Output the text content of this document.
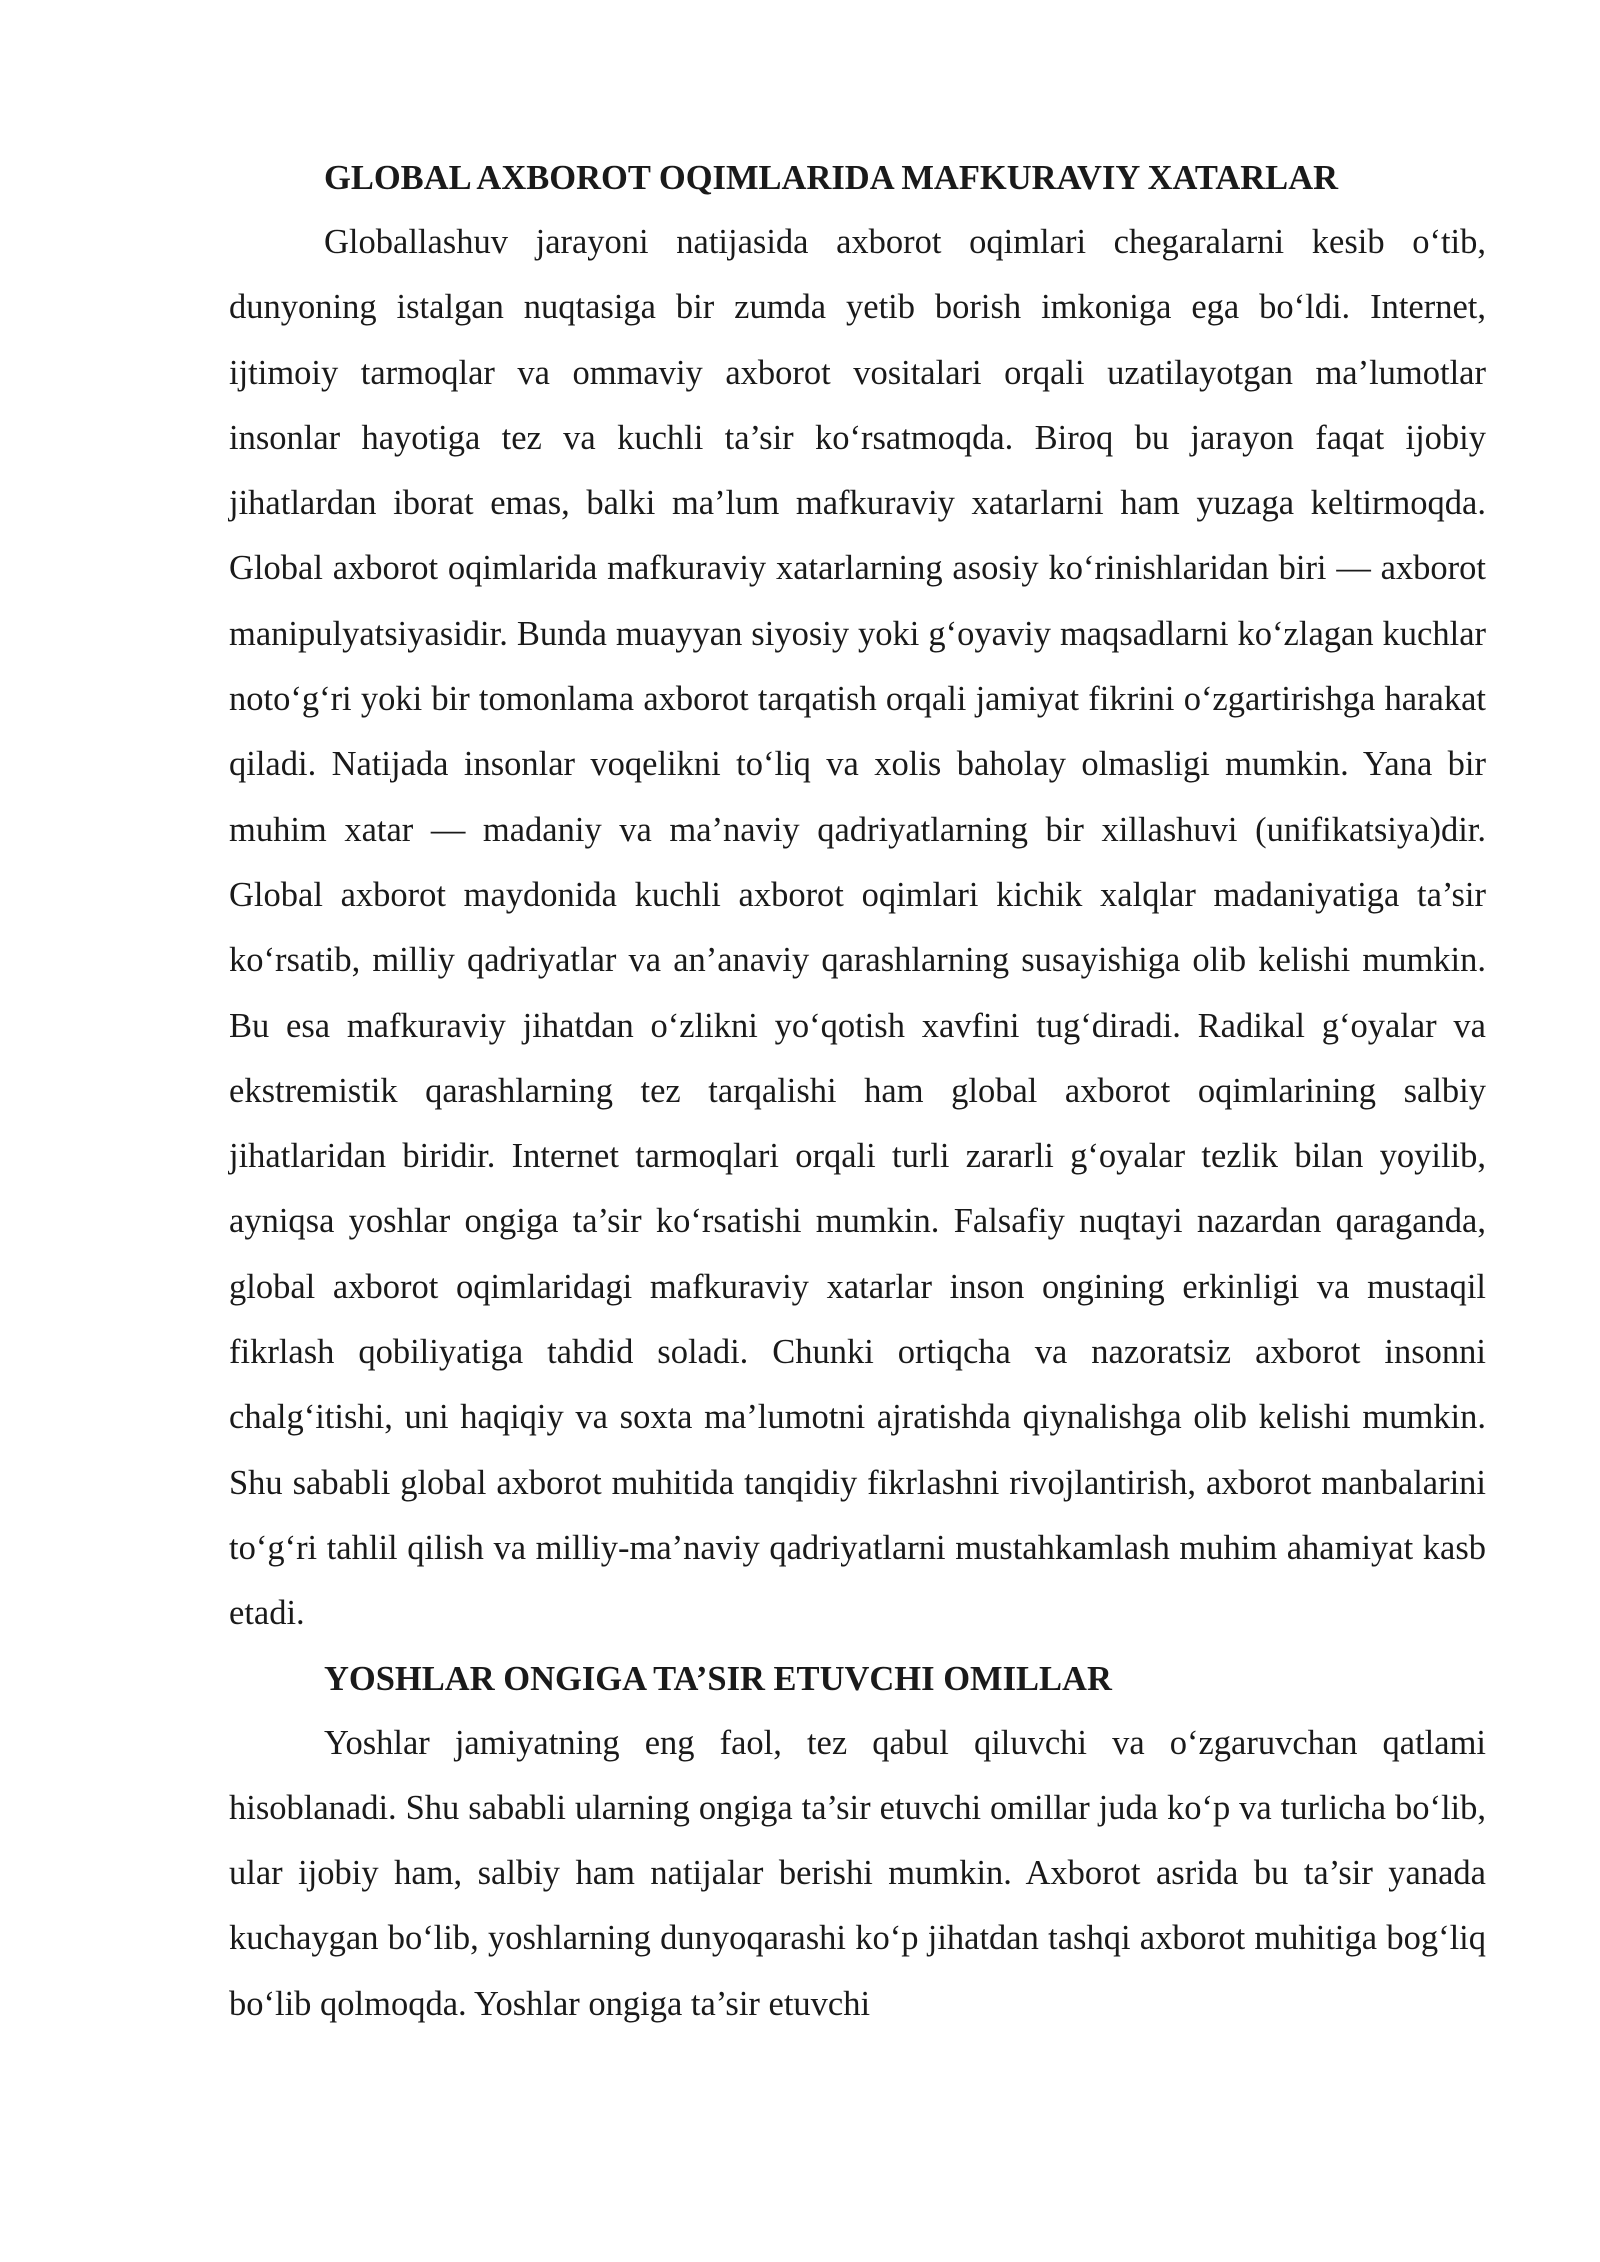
GLOBAL AXBOROT OQIMLARIDA MAFKURAVIY XATARLAR

Globallashuv jarayoni natijasida axborot oqimlari chegaralarni kesib o‘tib, dunyoning istalgan nuqtasiga bir zumda yetib borish imkoniga ega bo‘ldi. Internet, ijtimoiy tarmoqlar va ommaviy axborot vositalari orqali uzatilayotgan ma’lumotlar insonlar hayotiga tez va kuchli ta’sir ko‘rsatmoqda. Biroq bu jarayon faqat ijobiy jihatlardan iborat emas, balki ma’lum mafkuraviy xatarlarni ham yuzaga keltirmoqda. Global axborot oqimlarida mafkuraviy xatarlarning asosiy ko‘rinishlaridan biri — axborot manipulyatsiyasidir. Bunda muayyan siyosiy yoki g‘oyaviy maqsadlarni ko‘zlagan kuchlar noto‘g‘ri yoki bir tomonlama axborot tarqatish orqali jamiyat fikrini o‘zgartirishga harakat qiladi. Natijada insonlar voqelikni to‘liq va xolis baholay olmasligi mumkin. Yana bir muhim xatar — madaniy va ma’naviy qadriyatlarning bir xillashuvi (unifikatsiya)dir. Global axborot maydonida kuchli axborot oqimlari kichik xalqlar madaniyatiga ta’sir ko‘rsatib, milliy qadriyatlar va an’anaviy qarashlarning susayishiga olib kelishi mumkin. Bu esa mafkuraviy jihatdan o‘zlikni yo‘qotish xavfini tug‘diradi. Radikal g‘oyalar va ekstremistik qarashlarning tez tarqalishi ham global axborot oqimlarining salbiy jihatlaridan biridir. Internet tarmoqlari orqali turli zararli g‘oyalar tezlik bilan yoyilib, ayniqsa yoshlar ongiga ta’sir ko‘rsatishi mumkin. Falsafiy nuqtayi nazardan qaraganda, global axborot oqimlaridagi mafkuraviy xatarlar inson ongining erkinligi va mustaqil fikrlash qobiliyatiga tahdid soladi. Chunki ortiqcha va nazoratsiz axborot insonni chalg‘itishi, uni haqiqiy va soxta ma’lumotni ajratishda qiynalishga olib kelishi mumkin. Shu sababli global axborot muhitida tanqidiy fikrlashni rivojlantirish, axborot manbalarini to‘g‘ri tahlil qilish va milliy-ma’naviy qadriyatlarni mustahkamlash muhim ahamiyat kasb etadi.

YOSHLAR ONGIGA TA’SIR ETUVCHI OMILLAR

Yoshlar jamiyatning eng faol, tez qabul qiluvchi va o‘zgaruvchan qatlami hisoblanadi. Shu sababli ularning ongiga ta’sir etuvchi omillar juda ko‘p va turlicha bo‘lib, ular ijobiy ham, salbiy ham natijalar berishi mumkin. Axborot asrida bu ta’sir yanada kuchaygan bo‘lib, yoshlarning dunyoqarashi ko‘p jihatdan tashqi axborot muhitiga bog‘liq bo‘lib qolmoqda. Yoshlar ongiga ta’sir etuvchi
